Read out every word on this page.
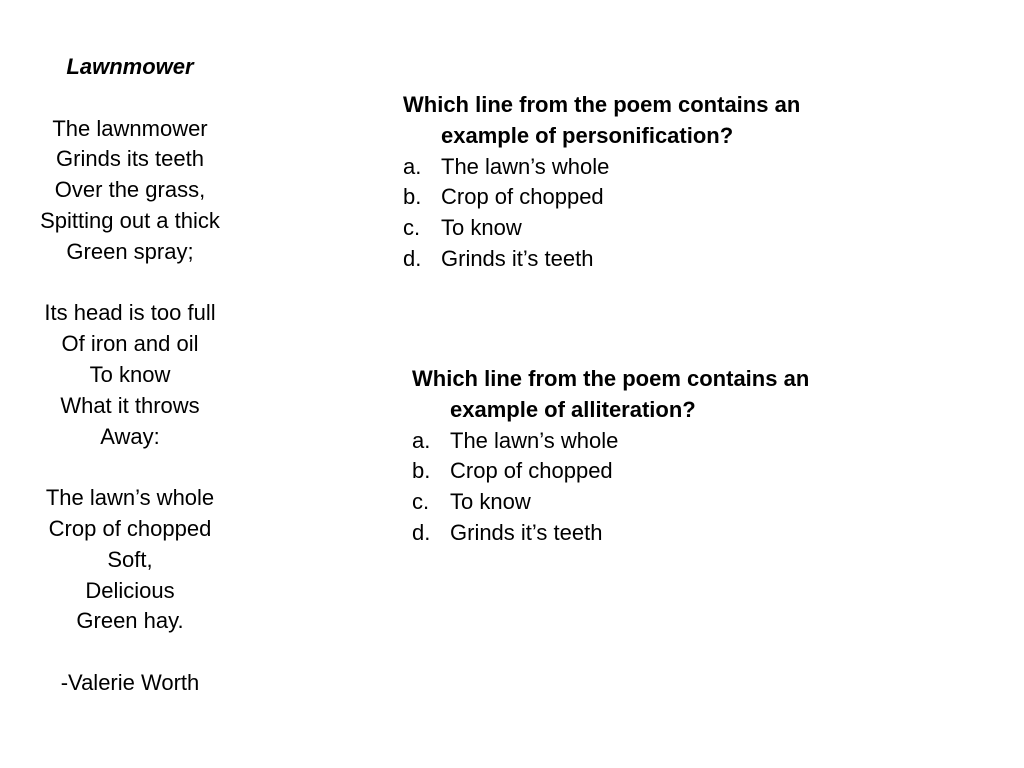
Lawnmower
The lawnmower
Grinds its teeth
Over the grass,
Spitting out a thick
Green spray;
Its head is too full
Of iron and oil
To know
What it throws
Away:
The lawn’s whole
Crop of chopped
Soft,
Delicious
Green hay.
-Valerie Worth
Which line from the poem contains an example of personification?
a. The lawn’s whole
b. Crop of chopped
c. To know
d. Grinds it’s teeth
Which line from the poem contains an example of alliteration?
a. The lawn’s whole
b. Crop of chopped
c. To know
d. Grinds it’s teeth
